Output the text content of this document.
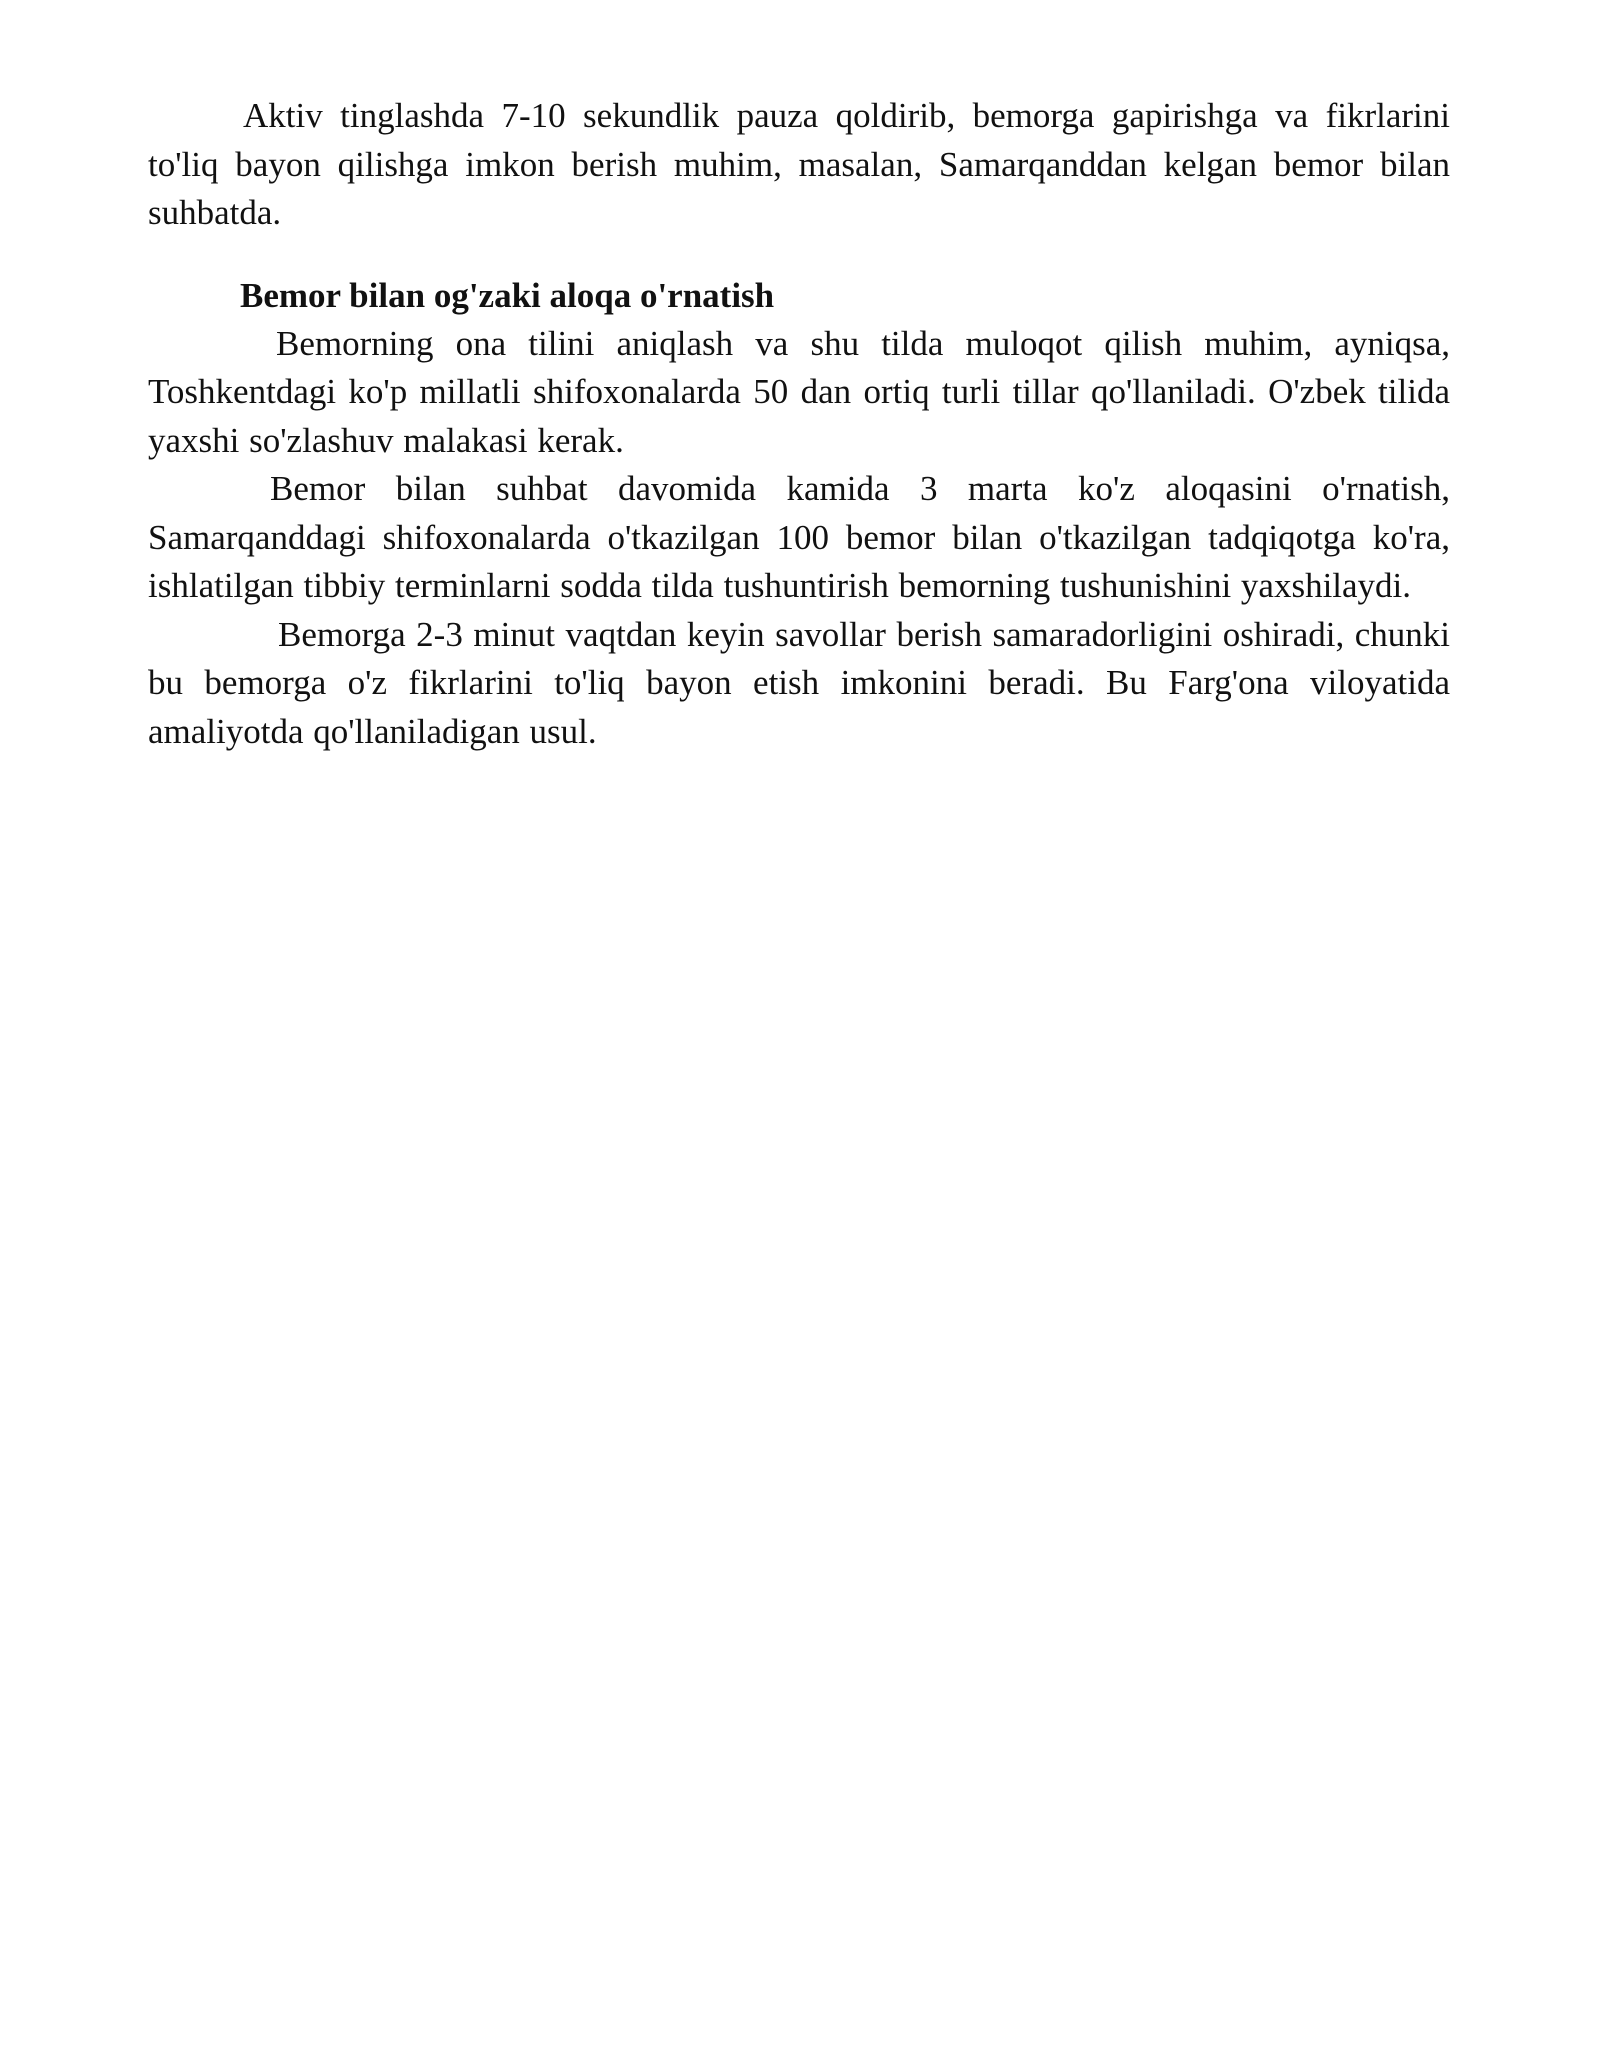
Aktiv tinglashda 7-10 sekundlik pauza qoldirib, bemorga gapirishga va fikrlarini to'liq bayon qilishga imkon berish muhim, masalan, Samarqanddan kelgan bemor bilan suhbatda.

Bemor bilan og'zaki aloqa o'rnatish

Bemorning ona tilini aniqlash va shu tilda muloqot qilish muhim, ayniqsa, Toshkentdagi ko'p millatli shifoxonalarda 50 dan ortiq turli tillar qo'llaniladi. O'zbek tilida yaxshi so'zlashuv malakasi kerak.

Bemor bilan suhbat davomida kamida 3 marta ko'z aloqasini o'rnatish, Samarqanddagi shifoxonalarda o'tkazilgan 100 bemor bilan o'tkazilgan tadqiqotga ko'ra, ishlatilgan tibbiy terminlarni sodda tilda tushuntirish bemorning tushunishini yaxshilaydi.

Bemorga 2-3 minut vaqtdan keyin savollar berish samaradorligini oshiradi, chunki bu bemorga o'z fikrlarini to'liq bayon etish imkonini beradi. Bu Farg'ona viloyatida amaliyotda qo'llaniladigan usul.
